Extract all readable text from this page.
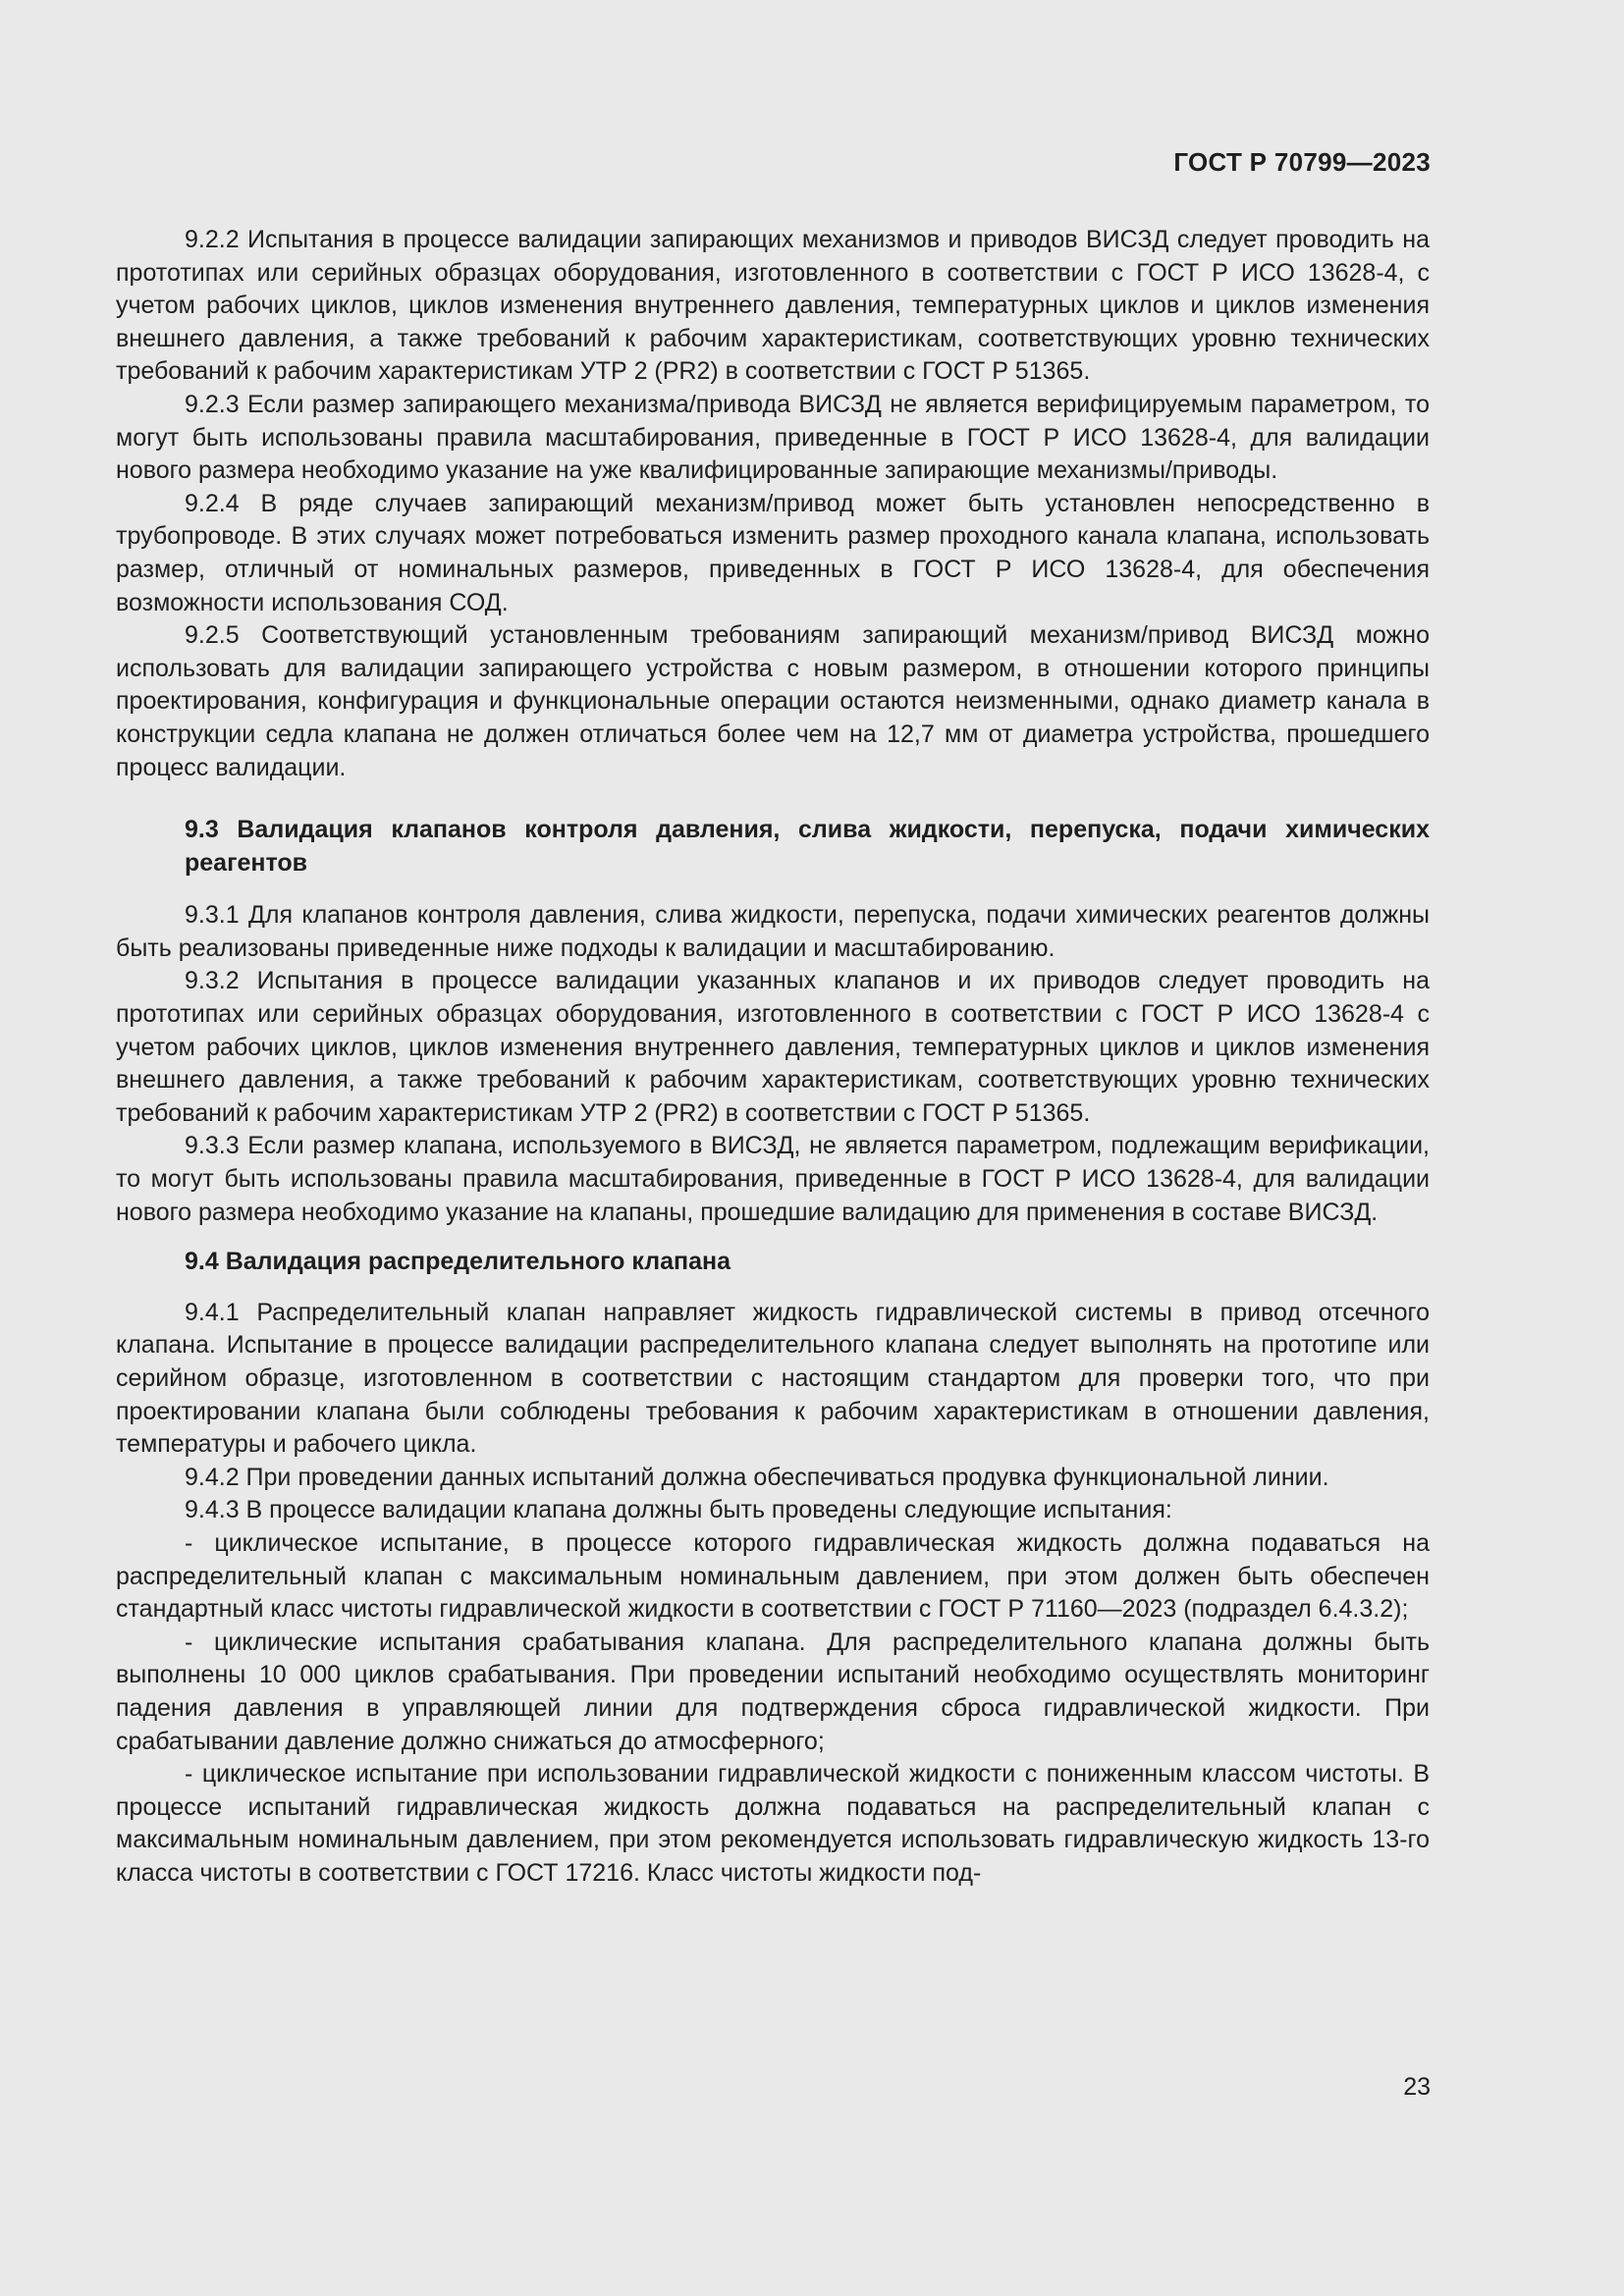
ГОСТ Р 70799—2023

9.2.2 Испытания в процессе валидации запирающих механизмов и приводов ВИСЗД следует проводить на прототипах или серийных образцах оборудования, изготовленного в соответствии с ГОСТ Р ИСО 13628-4, с учетом рабочих циклов, циклов изменения внутреннего давления, температурных циклов и циклов изменения внешнего давления, а также требований к рабочим характеристикам, соответствующих уровню технических требований к рабочим характеристикам УТР 2 (PR2) в соответствии с ГОСТ Р 51365.

9.2.3 Если размер запирающего механизма/привода ВИСЗД не является верифицируемым параметром, то могут быть использованы правила масштабирования, приведенные в ГОСТ Р ИСО 13628-4, для валидации нового размера необходимо указание на уже квалифицированные запирающие механизмы/приводы.

9.2.4 В ряде случаев запирающий механизм/привод может быть установлен непосредственно в трубопроводе. В этих случаях может потребоваться изменить размер проходного канала клапана, использовать размер, отличный от номинальных размеров, приведенных в ГОСТ Р ИСО 13628-4, для обеспечения возможности использования СОД.

9.2.5 Соответствующий установленным требованиям запирающий механизм/привод ВИСЗД можно использовать для валидации запирающего устройства с новым размером, в отношении которого принципы проектирования, конфигурация и функциональные операции остаются неизменными, однако диаметр канала в конструкции седла клапана не должен отличаться более чем на 12,7 мм от диаметра устройства, прошедшего процесс валидации.

9.3 Валидация клапанов контроля давления, слива жидкости, перепуска, подачи химических реагентов

9.3.1 Для клапанов контроля давления, слива жидкости, перепуска, подачи химических реагентов должны быть реализованы приведенные ниже подходы к валидации и масштабированию.

9.3.2 Испытания в процессе валидации указанных клапанов и их приводов следует проводить на прототипах или серийных образцах оборудования, изготовленного в соответствии с ГОСТ Р ИСО 13628-4 с учетом рабочих циклов, циклов изменения внутреннего давления, температурных циклов и циклов изменения внешнего давления, а также требований к рабочим характеристикам, соответствующих уровню технических требований к рабочим характеристикам УТР 2 (PR2) в соответствии с ГОСТ Р 51365.

9.3.3 Если размер клапана, используемого в ВИСЗД, не является параметром, подлежащим верификации, то могут быть использованы правила масштабирования, приведенные в ГОСТ Р ИСО 13628-4, для валидации нового размера необходимо указание на клапаны, прошедшие валидацию для применения в составе ВИСЗД.

9.4 Валидация распределительного клапана

9.4.1 Распределительный клапан направляет жидкость гидравлической системы в привод отсечного клапана. Испытание в процессе валидации распределительного клапана следует выполнять на прототипе или серийном образце, изготовленном в соответствии с настоящим стандартом для проверки того, что при проектировании клапана были соблюдены требования к рабочим характеристикам в отношении давления, температуры и рабочего цикла.

9.4.2 При проведении данных испытаний должна обеспечиваться продувка функциональной линии.

9.4.3 В процессе валидации клапана должны быть проведены следующие испытания:

- циклическое испытание, в процессе которого гидравлическая жидкость должна подаваться на распределительный клапан с максимальным номинальным давлением, при этом должен быть обеспечен стандартный класс чистоты гидравлической жидкости в соответствии с ГОСТ Р 71160—2023 (подраздел 6.4.3.2);

- циклические испытания срабатывания клапана. Для распределительного клапана должны быть выполнены 10 000 циклов срабатывания. При проведении испытаний необходимо осуществлять мониторинг падения давления в управляющей линии для подтверждения сброса гидравлической жидкости. При срабатывании давление должно снижаться до атмосферного;

- циклическое испытание при использовании гидравлической жидкости с пониженным классом чистоты. В процессе испытаний гидравлическая жидкость должна подаваться на распределительный клапан с максимальным номинальным давлением, при этом рекомендуется использовать гидравлическую жидкость 13-го класса чистоты в соответствии с ГОСТ 17216. Класс чистоты жидкости под-

23
